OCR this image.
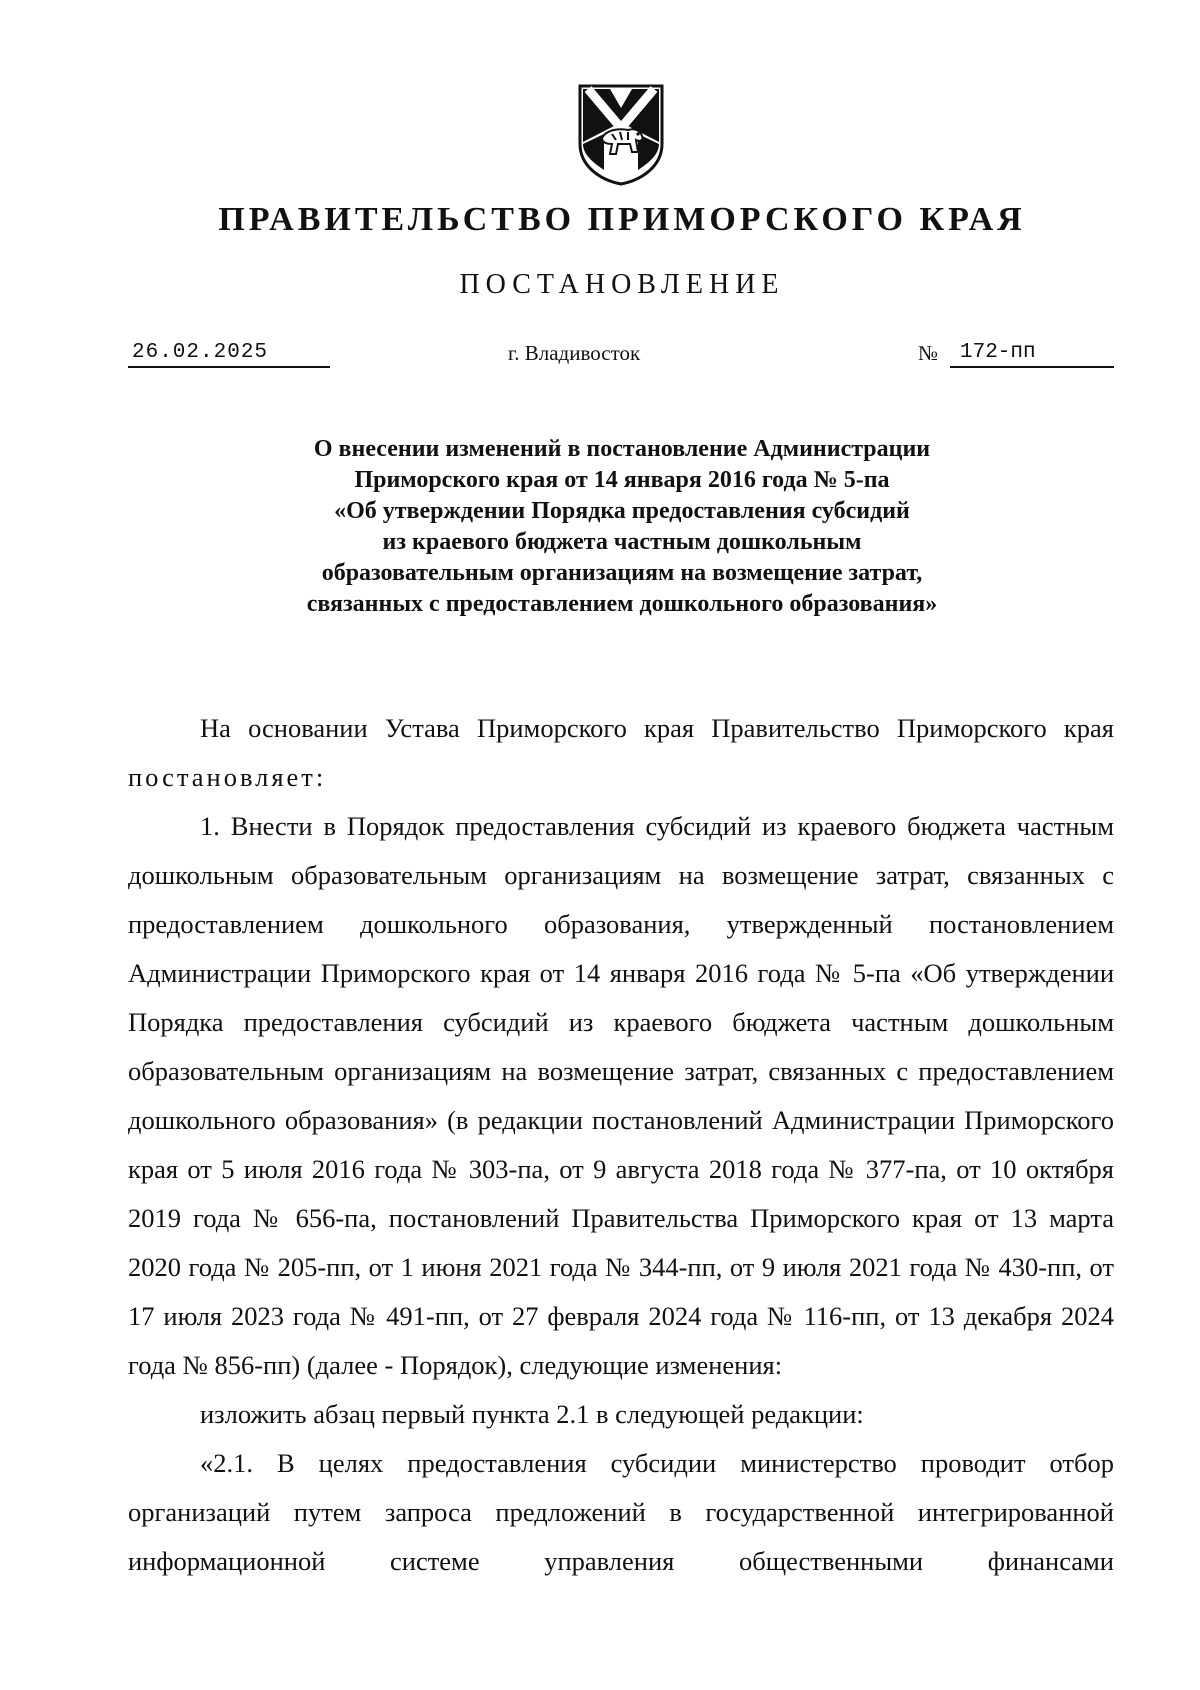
ПРАВИТЕЛЬСТВО ПРИМОРСКОГО КРАЯ
ПОСТАНОВЛЕНИЕ
26.02.2025	г. Владивосток	№	172-пп
О внесении изменений в постановление Администрации
Приморского края от 14 января 2016 года № 5-па
«Об утверждении Порядка предоставления субсидий
из краевого бюджета частным дошкольным
образовательным организациям на возмещение затрат,
связанных с предоставлением дошкольного образования»

На основании Устава Приморского края Правительство Приморского края постановляет:

1. Внести в Порядок предоставления субсидий из краевого бюджета частным дошкольным образовательным организациям на возмещение затрат, связанных с предоставлением дошкольного образования, утвержденный постановлением Администрации Приморского края от 14 января 2016 года № 5-па «Об утверждении Порядка предоставления субсидий из краевого бюджета частным дошкольным образовательным организациям на возмещение затрат, связанных с предоставлением дошкольного образования» (в редакции постановлений Администрации Приморского края от 5 июля 2016 года № 303-па, от 9 августа 2018 года № 377-па, от 10 октября 2019 года № 656-па, постановлений Правительства Приморского края от 13 марта 2020 года № 205-пп, от 1 июня 2021 года № 344-пп, от 9 июля 2021 года № 430-пп, от 17 июля 2023 года № 491-пп, от 27 февраля 2024 года № 116-пп, от 13 декабря 2024 года № 856-пп) (далее - Порядок), следующие изменения:

изложить абзац первый пункта 2.1 в следующей редакции:

«2.1. В целях предоставления субсидии министерство проводит отбор организаций путем запроса предложений в государственной интегрированной информационной системе управления общественными финансами
